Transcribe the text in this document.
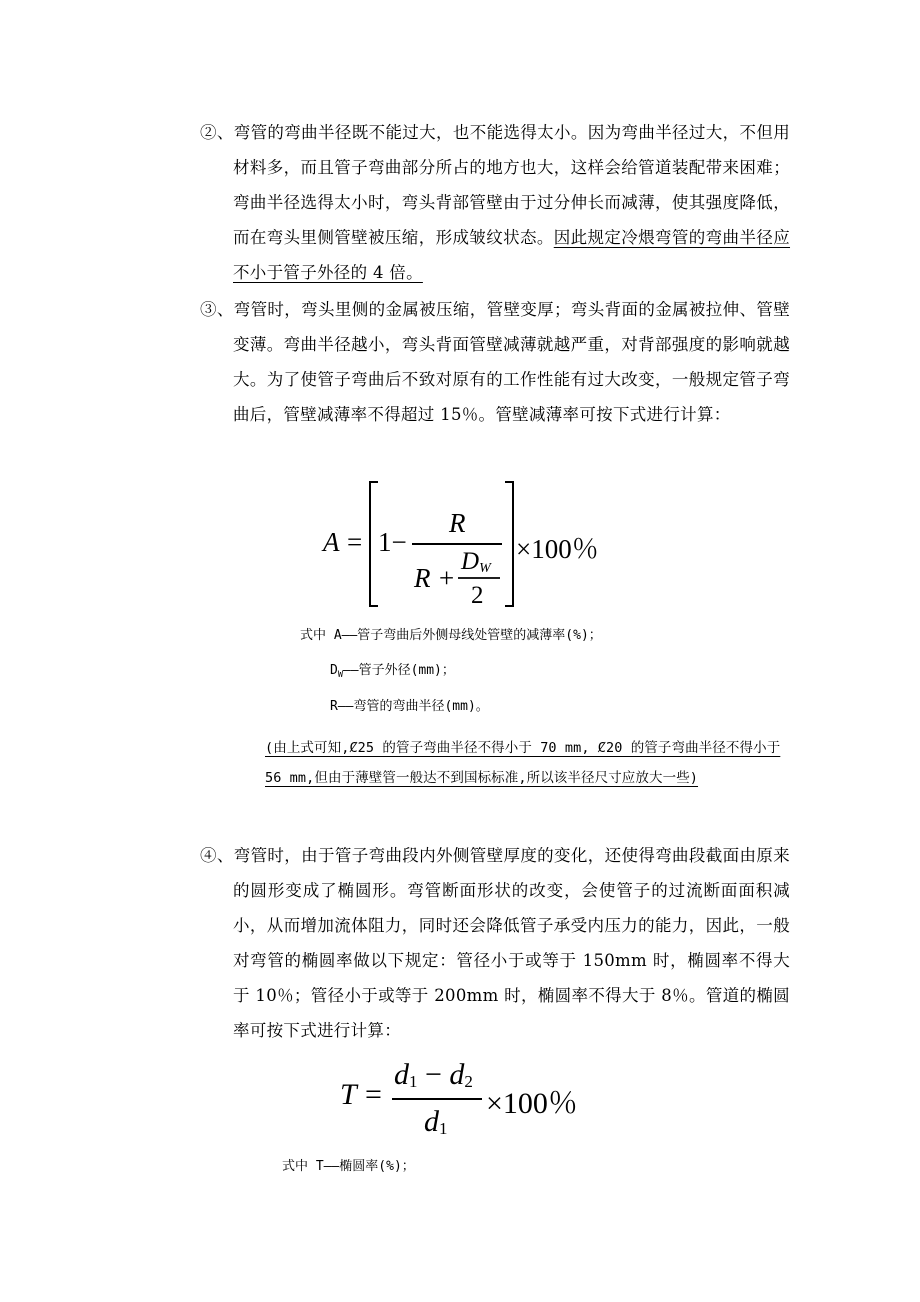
②、弯管的弯曲半径既不能过大，也不能选得太小。因为弯曲半径过大，不但用材料多，而且管子弯曲部分所占的地方也大，这样会给管道装配带来困难；弯曲半径选得太小时，弯头背部管壁由于过分伸长而减薄，使其强度降低，而在弯头里侧管壁被压缩，形成皱纹状态。因此规定冷煨弯管的弯曲半径应不小于管子外径的 4 倍。
③、弯管时，弯头里侧的金属被压缩，管壁变厚；弯头背面的金属被拉伸、管壁变薄。弯曲半径越小，弯头背面管壁减薄就越严重，对背部强度的影响就越大。为了使管子弯曲后不致对原有的工作性能有过大改变，一般规定管子弯曲后，管壁减薄率不得超过 15％。管壁减薄率可按下式进行计算：
A = 1−
R
R +
$D_W$
2
×100％
式中 A——管子弯曲后外侧母线处管壁的减薄率(%)；
$D_W——$管子外径(mm)；
R——弯管的弯曲半径(mm)。
(由上式可知,Ȼ25 的管子弯曲半径不得小于 70 mm, Ȼ20 的管子弯曲半径不得小于 56 mm,但由于薄壁管一般达不到国标标准,所以该半径尺寸应放大一些)
④、弯管时，由于管子弯曲段内外侧管壁厚度的变化，还使得弯曲段截面由原来的圆形变成了椭圆形。弯管断面形状的改变，会使管子的过流断面面积减小，从而增加流体阻力，同时还会降低管子承受内压力的能力，因此，一般对弯管的椭圆率做以下规定：管径小于或等于 150mm 时，椭圆率不得大于 10％；管径小于或等于 200mm 时，椭圆率不得大于 8％。管道的椭圆率可按下式进行计算：
T =
$d_1 - d_2$
$d_1$
×100％
式中 T——椭圆率(%)；
